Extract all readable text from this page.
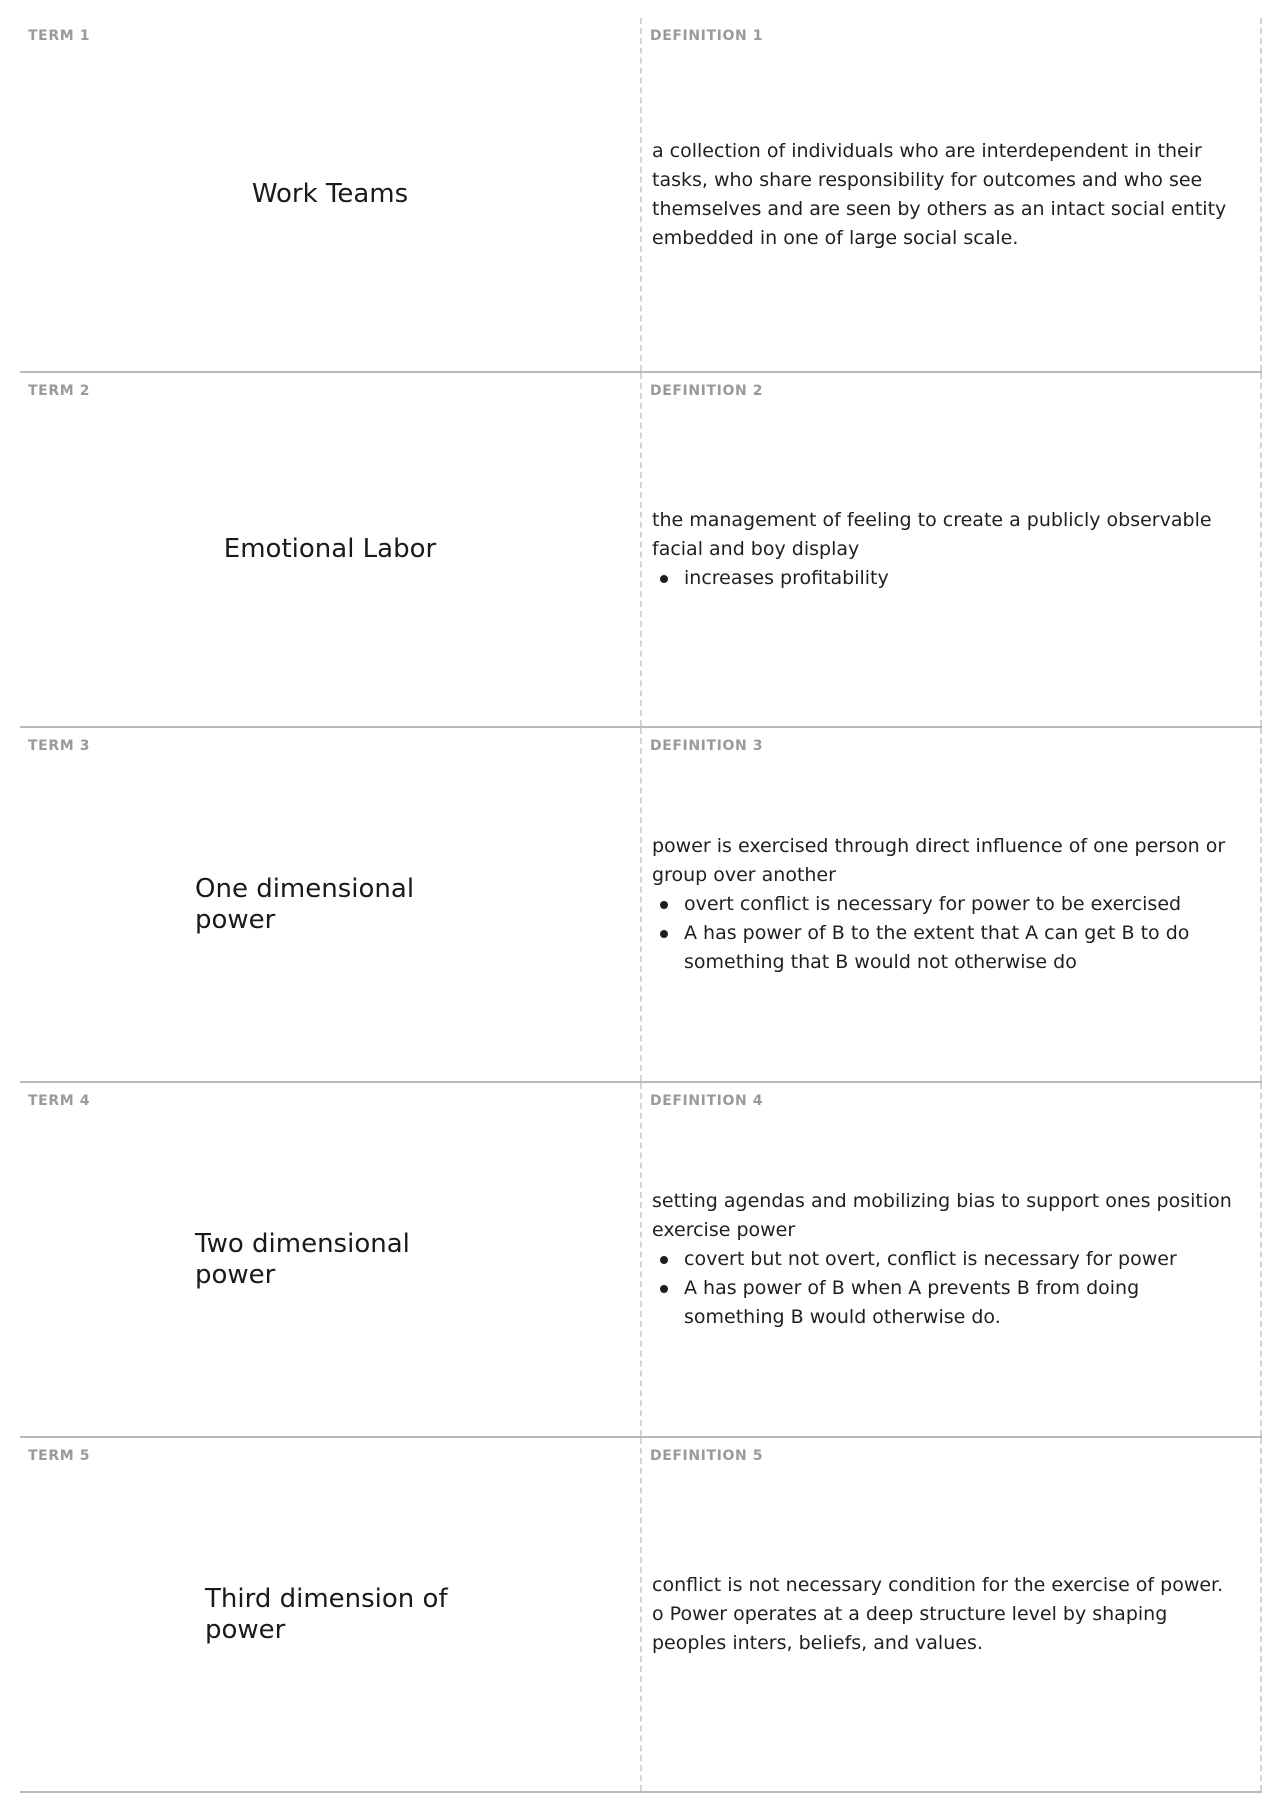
TERM 1
Work Teams
DEFINITION 1

a collection of individuals who are interdependent in their tasks, who share responsibility for outcomes and who see themselves and are seen by others as an intact social entity embedded in one of large social scale.

TERM 2
Emotional Labor
DEFINITION 2

the management of feeling to create a publicly observable facial and boy display

increases profitability
TERM 3
One dimensional power
DEFINITION 3

power is exercised through direct influence of one person or group over another

overt conflict is necessary for power to be exercised
A has power of B to the extent that A can get B to do something that B would not otherwise do
TERM 4
Two dimensional power
DEFINITION 4

setting agendas and mobilizing bias to support ones position exercise power

covert but not overt, conflict is necessary for power
A has power of B when A prevents B from doing something B would otherwise do.
TERM 5
Third dimension of power
DEFINITION 5

conflict is not necessary condition for the exercise of power. o Power operates at a deep structure level by shaping peoples inters, beliefs, and values.
